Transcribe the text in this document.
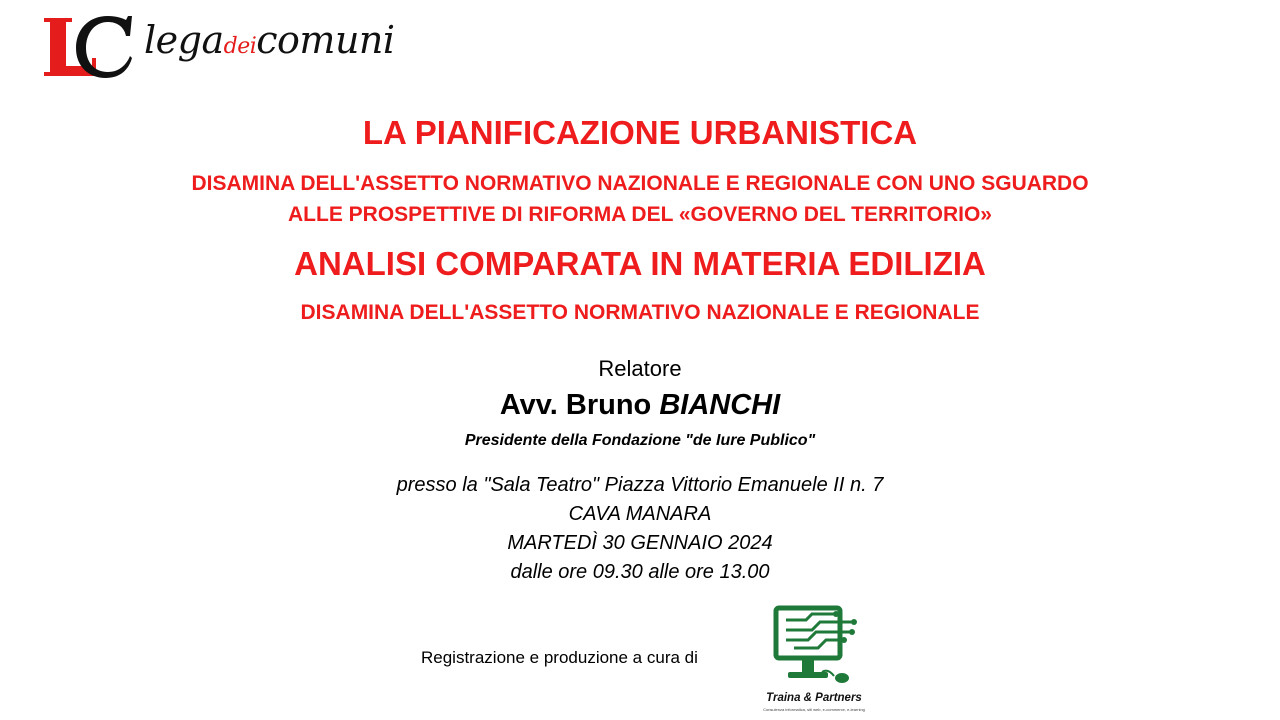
legadeicomuni
LA PIANIFICAZIONE URBANISTICA
DISAMINA DELL'ASSETTO NORMATIVO NAZIONALE E REGIONALE CON UNO SGUARDO
ALLE PROSPETTIVE DI RIFORMA DEL «GOVERNO DEL TERRITORIO»
ANALISI COMPARATA IN MATERIA EDILIZIA
DISAMINA DELL'ASSETTO NORMATIVO NAZIONALE E REGIONALE
Relatore
Avv. Bruno BIANCHI
Presidente della Fondazione "de Iure Publico"
presso la "Sala Teatro" Piazza Vittorio Emanuele II n. 7
CAVA MANARA
MARTEDÌ 30 GENNAIO 2024
dalle ore 09.30 alle ore 13.00
Registrazione e produzione a cura di
Traina & Partners
Consulenza informatica, siti web, e-commerce, e-learning
